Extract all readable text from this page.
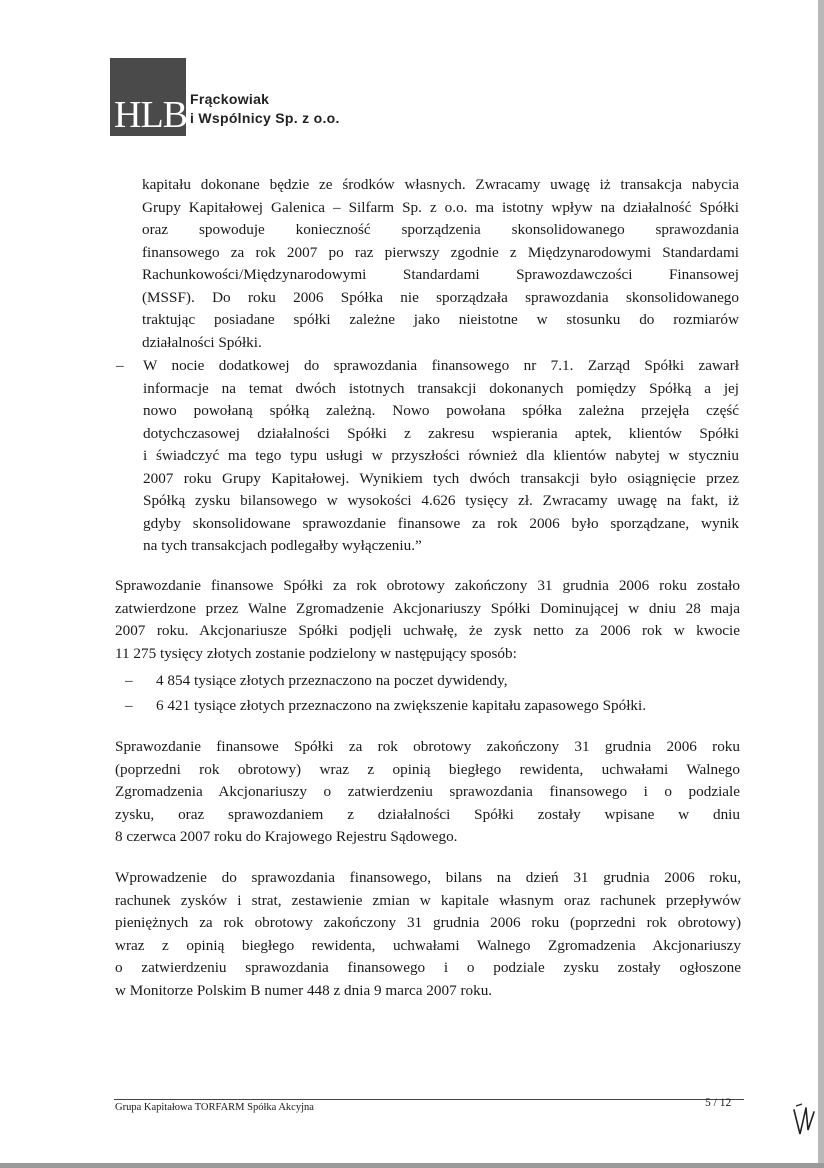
HLB Frąckowiak
i Wspólnicy Sp. z o.o.
kapitału dokonane będzie ze środków własnych. Zwracamy uwagę iż transakcja nabycia
Grupy Kapitałowej Galenica – Silfarm Sp. z o.o. ma istotny wpływ na działalność Spółki
oraz spowoduje konieczność sporządzenia skonsolidowanego sprawozdania
finansowego za rok 2007 po raz pierwszy zgodnie z Międzynarodowymi Standardami
Rachunkowości/Międzynarodowymi Standardami Sprawozdawczości Finansowej
(MSSF). Do roku 2006 Spółka nie sporządzała sprawozdania skonsolidowanego
traktując posiadane spółki zależne jako nieistotne w stosunku do rozmiarów
działalności Spółki.
– W nocie dodatkowej do sprawozdania finansowego nr 7.1. Zarząd Spółki zawarł
informacje na temat dwóch istotnych transakcji dokonanych pomiędzy Spółką a jej
nowo powołaną spółką zależną. Nowo powołana spółka zależna przejęła część
dotychczasowej działalności Spółki z zakresu wspierania aptek, klientów Spółki
i świadczyć ma tego typu usługi w przyszłości również dla klientów nabytej w styczniu
2007 roku Grupy Kapitałowej. Wynikiem tych dwóch transakcji było osiągnięcie przez
Spółką zysku bilansowego w wysokości 4.626 tysięcy zł. Zwracamy uwagę na fakt, iż
gdyby skonsolidowane sprawozdanie finansowe za rok 2006 było sporządzane, wynik
na tych transakcjach podlegałby wyłączeniu.”
Sprawozdanie finansowe Spółki za rok obrotowy zakończony 31 grudnia 2006 roku zostało
zatwierdzone przez Walne Zgromadzenie Akcjonariuszy Spółki Dominującej w dniu 28 maja
2007 roku. Akcjonariusze Spółki podjęli uchwałę, że zysk netto za 2006 rok w kwocie
11 275 tysięcy złotych zostanie podzielony w następujący sposób:
– 4 854 tysiące złotych przeznaczono na poczet dywidendy,
– 6 421 tysiące złotych przeznaczono na zwiększenie kapitału zapasowego Spółki.
Sprawozdanie finansowe Spółki za rok obrotowy zakończony 31 grudnia 2006 roku
(poprzedni rok obrotowy) wraz z opinią biegłego rewidenta, uchwałami Walnego
Zgromadzenia Akcjonariuszy o zatwierdzeniu sprawozdania finansowego i o podziale
zysku, oraz sprawozdaniem z działalności Spółki zostały wpisane w dniu
8 czerwca 2007 roku do Krajowego Rejestru Sądowego.
Wprowadzenie do sprawozdania finansowego, bilans na dzień 31 grudnia 2006 roku,
rachunek zysków i strat, zestawienie zmian w kapitale własnym oraz rachunek przepływów
pieniężnych za rok obrotowy zakończony 31 grudnia 2006 roku (poprzedni rok obrotowy)
wraz z opinią biegłego rewidenta, uchwałami Walnego Zgromadzenia Akcjonariuszy
o zatwierdzeniu sprawozdania finansowego i o podziale zysku zostały ogłoszone
w Monitorze Polskim B numer 448 z dnia 9 marca 2007 roku.
Grupa Kapitałowa TORFARM Spółka Akcyjna	5 / 12
